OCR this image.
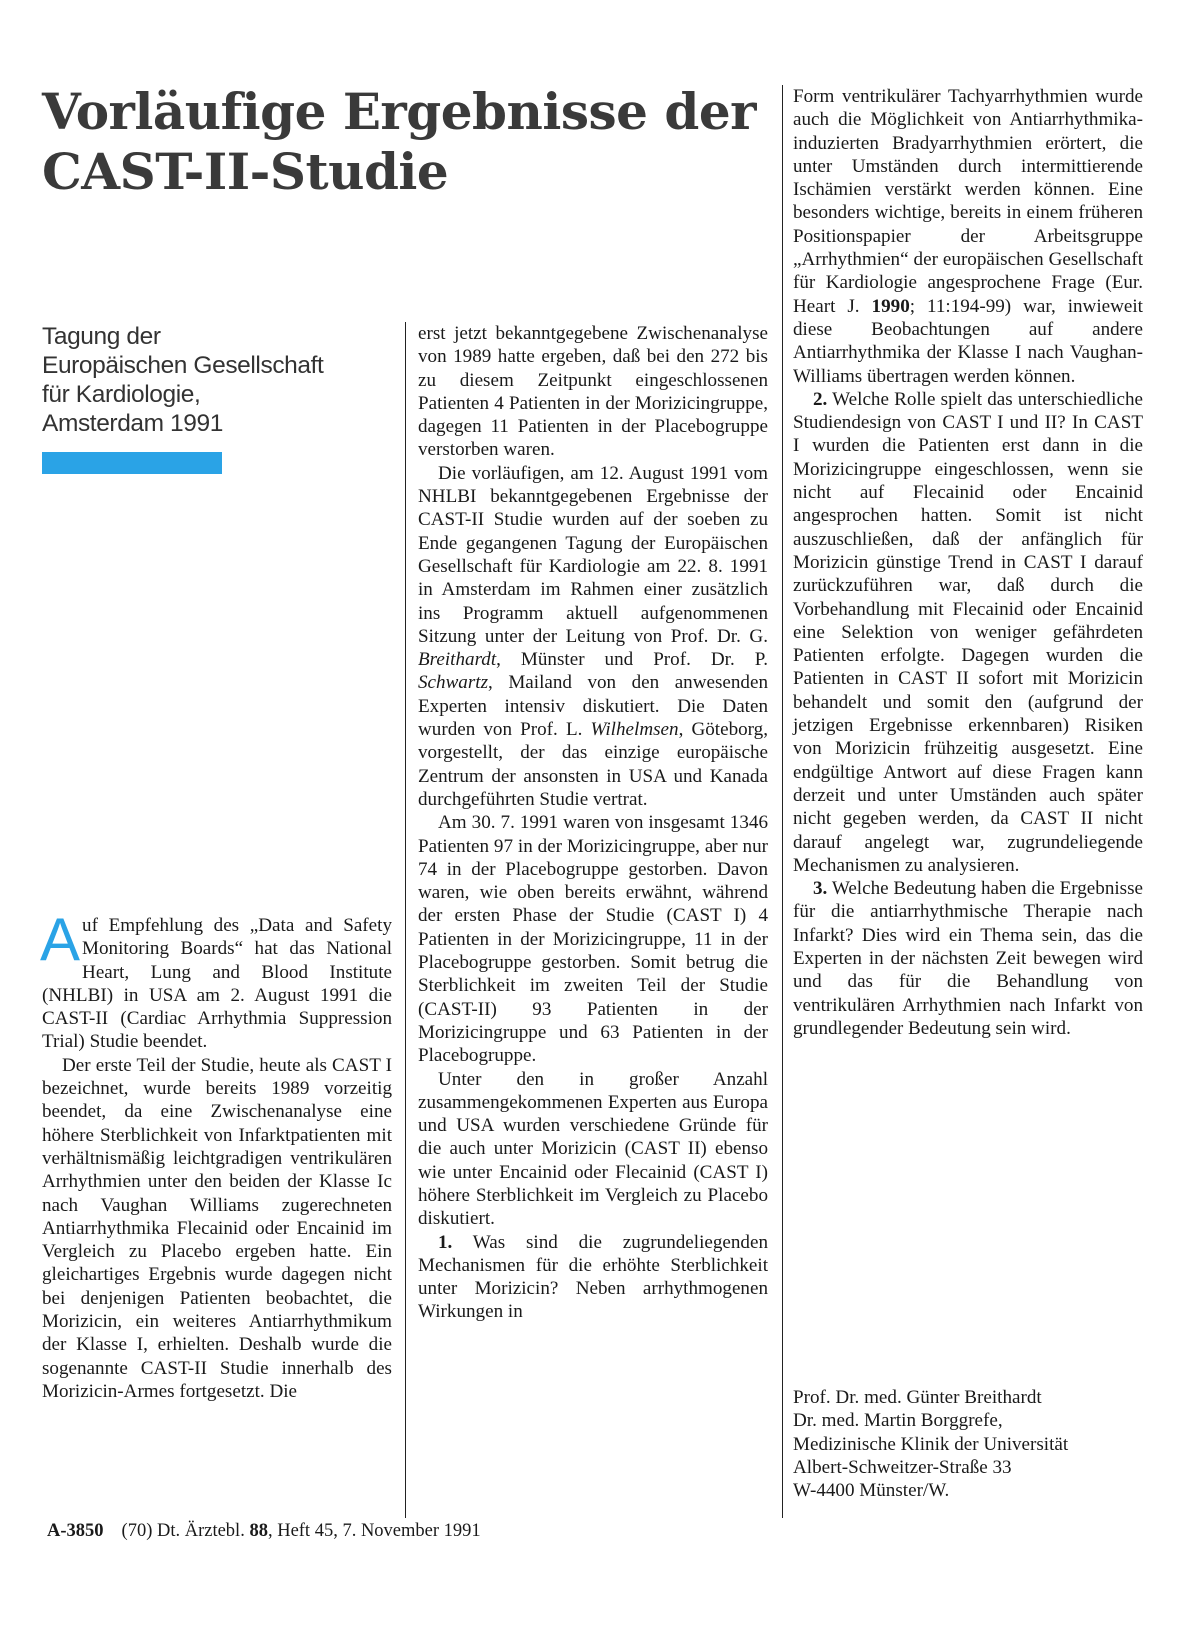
Vorläufige Ergebnisse der
CAST-II-Studie
Tagung der
Europäischen Gesellschaft
für Kardiologie,
Amsterdam 1991

Auf Empfehlung des „Data and Safety Monitoring Boards“ hat das National Heart, Lung and Blood Institute (NHLBI) in USA am 2. August 1991 die CAST-II (Cardiac Arrhythmia Suppression Trial) Studie beendet.

Der erste Teil der Studie, heute als CAST I bezeichnet, wurde bereits 1989 vorzeitig beendet, da eine Zwischenanalyse eine höhere Sterblichkeit von Infarktpatienten mit verhältnismäßig leichtgradigen ventrikulären Arrhythmien unter den beiden der Klasse Ic nach Vaughan Williams zugerechneten Antiarrhythmika Flecainid oder Encainid im Vergleich zu Placebo ergeben hatte. Ein gleichartiges Ergebnis wurde dagegen nicht bei denjenigen Patienten beobachtet, die Morizicin, ein weiteres Antiarrhythmikum der Klasse I, erhielten. Deshalb wurde die sogenannte CAST-II Studie innerhalb des Morizicin-Armes fortgesetzt. Die

erst jetzt bekanntgegebene Zwischenanalyse von 1989 hatte ergeben, daß bei den 272 bis zu diesem Zeitpunkt eingeschlossenen Patienten 4 Patienten in der Morizicingruppe, dagegen 11 Patienten in der Placebogruppe verstorben waren.

Die vorläufigen, am 12. August 1991 vom NHLBI bekanntgegebenen Ergebnisse der CAST-II Studie wurden auf der soeben zu Ende gegangenen Tagung der Europäischen Gesellschaft für Kardiologie am 22. 8. 1991 in Amsterdam im Rahmen einer zusätzlich ins Programm aktuell aufgenommenen Sitzung unter der Leitung von Prof. Dr. G. Breithardt, Münster und Prof. Dr. P. Schwartz, Mailand von den anwesenden Experten intensiv diskutiert. Die Daten wurden von Prof. L. Wilhelmsen, Göteborg, vorgestellt, der das einzige europäische Zentrum der ansonsten in USA und Kanada durchgeführten Studie vertrat.

Am 30. 7. 1991 waren von insgesamt 1346 Patienten 97 in der Morizicingruppe, aber nur 74 in der Placebogruppe gestorben. Davon waren, wie oben bereits erwähnt, während der ersten Phase der Studie (CAST I) 4 Patienten in der Morizicingruppe, 11 in der Placebogruppe gestorben. Somit betrug die Sterblichkeit im zweiten Teil der Studie (CAST-II) 93 Patienten in der Morizicingruppe und 63 Patienten in der Placebogruppe.

Unter den in großer Anzahl zusammengekommenen Experten aus Europa und USA wurden verschiedene Gründe für die auch unter Morizicin (CAST II) ebenso wie unter Encainid oder Flecainid (CAST I) höhere Sterblichkeit im Vergleich zu Placebo diskutiert.

1. Was sind die zugrundeliegenden Mechanismen für die erhöhte Sterblichkeit unter Morizicin? Neben arrhythmogenen Wirkungen in

Form ventrikulärer Tachyarrhythmien wurde auch die Möglichkeit von Antiarrhythmika-induzierten Bradyarrhythmien erörtert, die unter Umständen durch intermittierende Ischämien verstärkt werden können. Eine besonders wichtige, bereits in einem früheren Positionspapier der Arbeitsgruppe „Arrhythmien“ der europäischen Gesellschaft für Kardiologie angesprochene Frage (Eur. Heart J. 1990; 11:194-99) war, inwieweit diese Beobachtungen auf andere Antiarrhythmika der Klasse I nach Vaughan-Williams übertragen werden können.

2. Welche Rolle spielt das unterschiedliche Studiendesign von CAST I und II? In CAST I wurden die Patienten erst dann in die Morizicingruppe eingeschlossen, wenn sie nicht auf Flecainid oder Encainid angesprochen hatten. Somit ist nicht auszuschließen, daß der anfänglich für Morizicin günstige Trend in CAST I darauf zurückzuführen war, daß durch die Vorbehandlung mit Flecainid oder Encainid eine Selektion von weniger gefährdeten Patienten erfolgte. Dagegen wurden die Patienten in CAST II sofort mit Morizicin behandelt und somit den (aufgrund der jetzigen Ergebnisse erkennbaren) Risiken von Morizicin frühzeitig ausgesetzt. Eine endgültige Antwort auf diese Fragen kann derzeit und unter Umständen auch später nicht gegeben werden, da CAST II nicht darauf angelegt war, zugrundeliegende Mechanismen zu analysieren.

3. Welche Bedeutung haben die Ergebnisse für die antiarrhythmische Therapie nach Infarkt? Dies wird ein Thema sein, das die Experten in der nächsten Zeit bewegen wird und das für die Behandlung von ventrikulären Arrhythmien nach Infarkt von grundlegender Bedeutung sein wird.

Prof. Dr. med. Günter Breithardt
Dr. med. Martin Borggrefe,
Medizinische Klinik der Universität
Albert-Schweitzer-Straße 33
W-4400 Münster/W.
A-3850 (70) Dt. Ärztebl. 88, Heft 45, 7. November 1991
